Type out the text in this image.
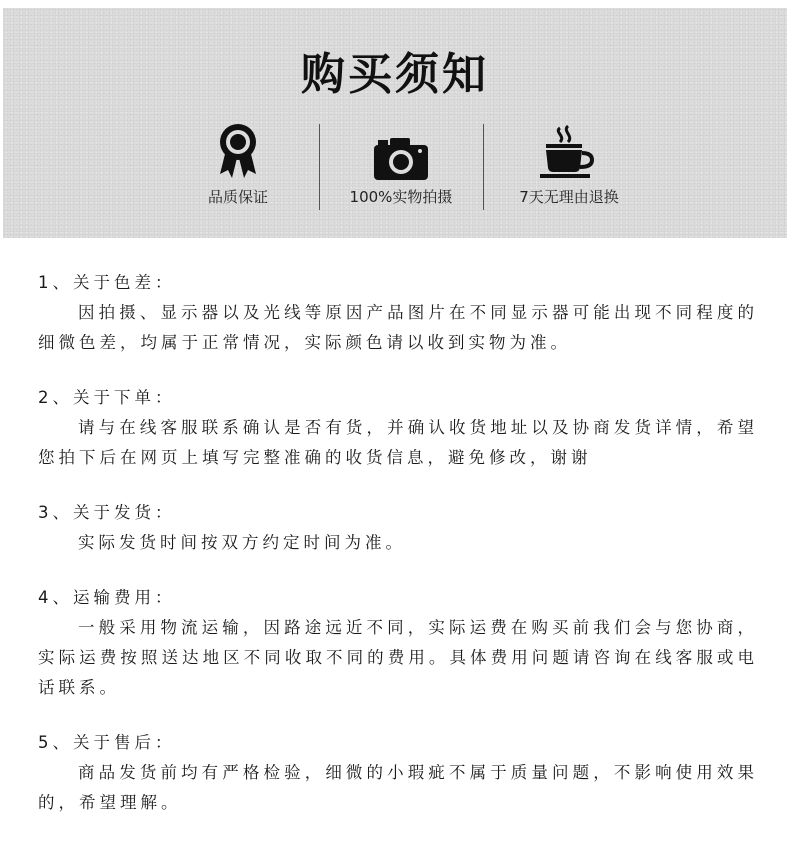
购买须知
品质保证	100%实物拍摄	7天无理由退换
1、关于色差：
因拍摄、显示器以及光线等原因产品图片在不同显示器可能出现不同程度的细微色差，均属于正常情况，实际颜色请以收到实物为准。
2、关于下单：
请与在线客服联系确认是否有货，并确认收货地址以及协商发货详情，希望您拍下后在网页上填写完整准确的收货信息，避免修改，谢谢
3、关于发货：
实际发货时间按双方约定时间为准。
4、运输费用：
一般采用物流运输，因路途远近不同，实际运费在购买前我们会与您协商，实际运费按照送达地区不同收取不同的费用。具体费用问题请咨询在线客服或电话联系。
5、关于售后：
商品发货前均有严格检验，细微的小瑕疵不属于质量问题，不影响使用效果的，希望理解。
